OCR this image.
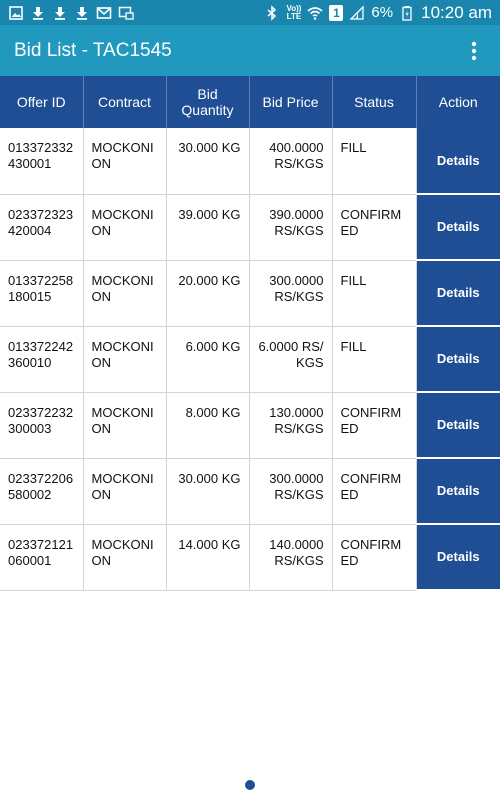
Vo))
LTE	1 6% 10:20 am
Bid List - TAC1545
Offer ID	Contract	Bid Quantity	Bid Price	Status	Action
013372332430001	MOCKONION	30.000 KG	400.0000 RS/KGS	FILL	Details

023372323420004	MOCKONION	39.000 KG	390.0000 RS/KGS	CONFIRMED	Details

013372258180015	MOCKONION	20.000 KG	300.0000 RS/KGS	FILL	Details

013372242360010	MOCKONION	6.000 KG	6.0000 RS/KGS	FILL	Details

023372232300003	MOCKONION	8.000 KG	130.0000 RS/KGS	CONFIRMED	Details

023372206580002	MOCKONION	30.000 KG	300.0000 RS/KGS	CONFIRMED	Details

023372121060001	MOCKONION	14.000 KG	140.0000 RS/KGS	CONFIRMED	Details
